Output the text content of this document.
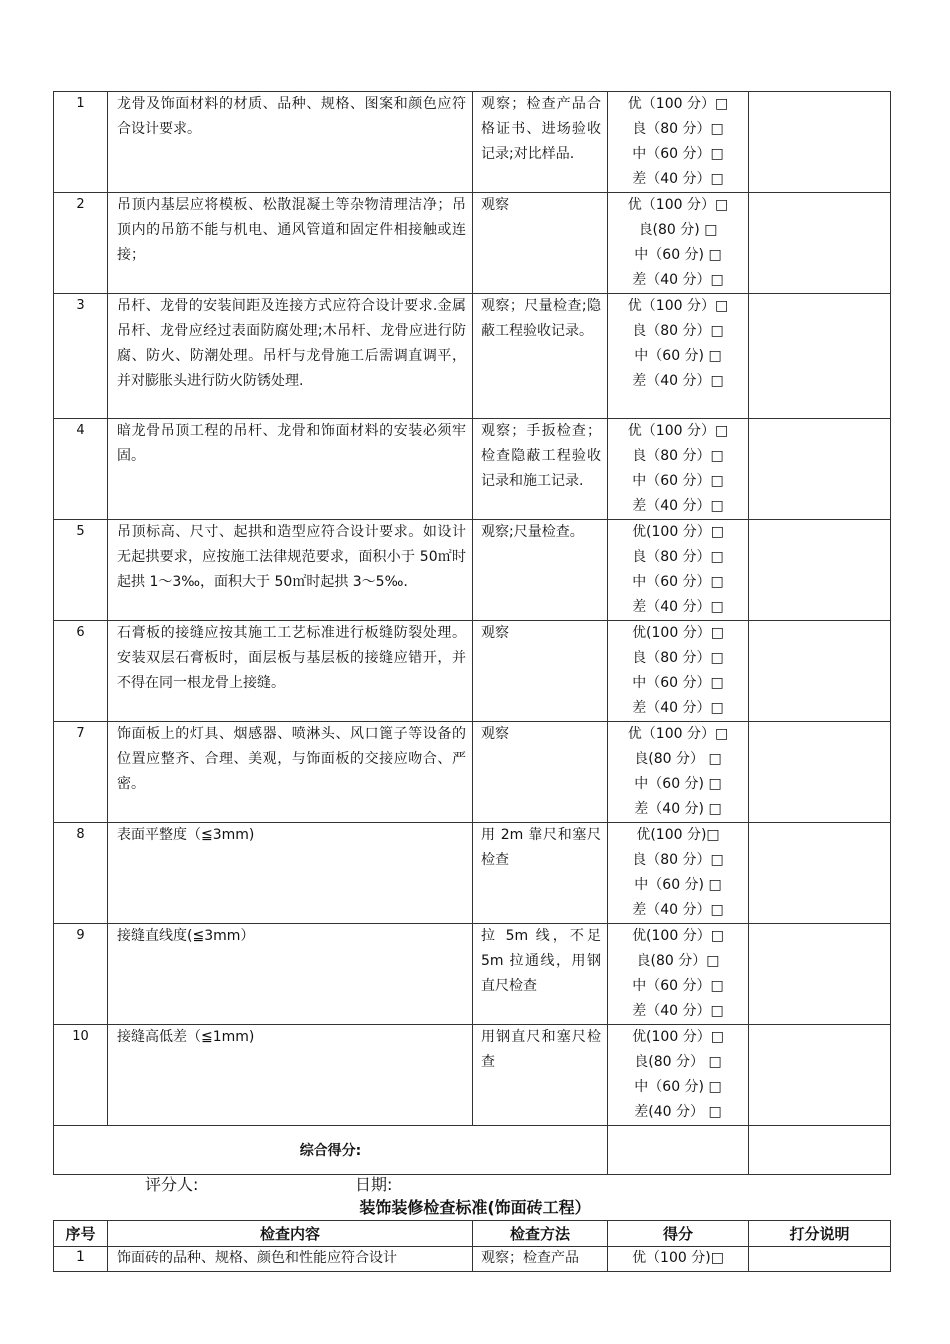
1	龙骨及饰面材料的材质、品种、规格、图案和颜色应符合设计要求。	观察；检查产品合格证书、进场验收记录;对比样品.	优（100 分）□
良（80 分）□
中（60 分）□
差（40 分）□	

2	吊顶内基层应将模板、松散混凝土等杂物清理洁净；吊顶内的吊筋不能与机电、通风管道和固定件相接触或连接；	观察	优（100 分）□
良(80 分) □
中（60 分) □
差（40 分）□	

3	吊杆、龙骨的安装间距及连接方式应符合设计要求.金属吊杆、龙骨应经过表面防腐处理;木吊杆、龙骨应进行防腐、防火、防潮处理。吊杆与龙骨施工后需调直调平，并对膨胀头进行防火防锈处理.	观察；尺量检查;隐蔽工程验收记录。	优（100 分）□
良（80 分）□
中（60 分) □
差（40 分）□	

4	暗龙骨吊顶工程的吊杆、龙骨和饰面材料的安装必须牢固。	观察；手扳检查；检查隐蔽工程验收记录和施工记录.	优（100 分）□
良（80 分）□
中（60 分）□
差（40 分）□	

5	吊顶标高、尺寸、起拱和造型应符合设计要求。如设计无起拱要求，应按施工法律规范要求，面积小于 50㎡时起拱 1～3‰，面积大于 50㎡时起拱 3～5‰.	观察;尺量检查。	优(100 分）□
良（80 分）□
中（60 分）□
差（40 分）□	

6	石膏板的接缝应按其施工工艺标准进行板缝防裂处理。安装双层石膏板时，面层板与基层板的接缝应错开，并不得在同一根龙骨上接缝。	观察	优(100 分）□
良（80 分）□
中（60 分）□
差（40 分）□	

7	饰面板上的灯具、烟感器、喷淋头、风口篦子等设备的位置应整齐、合理、美观，与饰面板的交接应吻合、严密。	观察	优（100 分）□
良(80 分） □
中（60 分) □
差（40 分) □	

8	表面平整度（≦3mm)	用 2m 靠尺和塞尺检查	优(100 分)□
良（80 分）□
中（60 分) □
差（40 分）□	

9	接缝直线度(≦3mm）	拉 5m 线，不足 5m 拉通线，用钢直尺检查	优(100 分）□
良(80 分）□
中（60 分）□
差（40 分）□	

10	接缝高低差（≦1mm)	用钢直尺和塞尺检查	优(100 分）□
良(80 分） □
中（60 分) □
差(40 分） □	

综合得分:				
评分人:	日期:
装饰装修检查标准(饰面砖工程）
序号	检查内容	检查方法	得分	打分说明
1	饰面砖的品种、规格、颜色和性能应符合设计	观察；检查产品	优（100 分)□	
